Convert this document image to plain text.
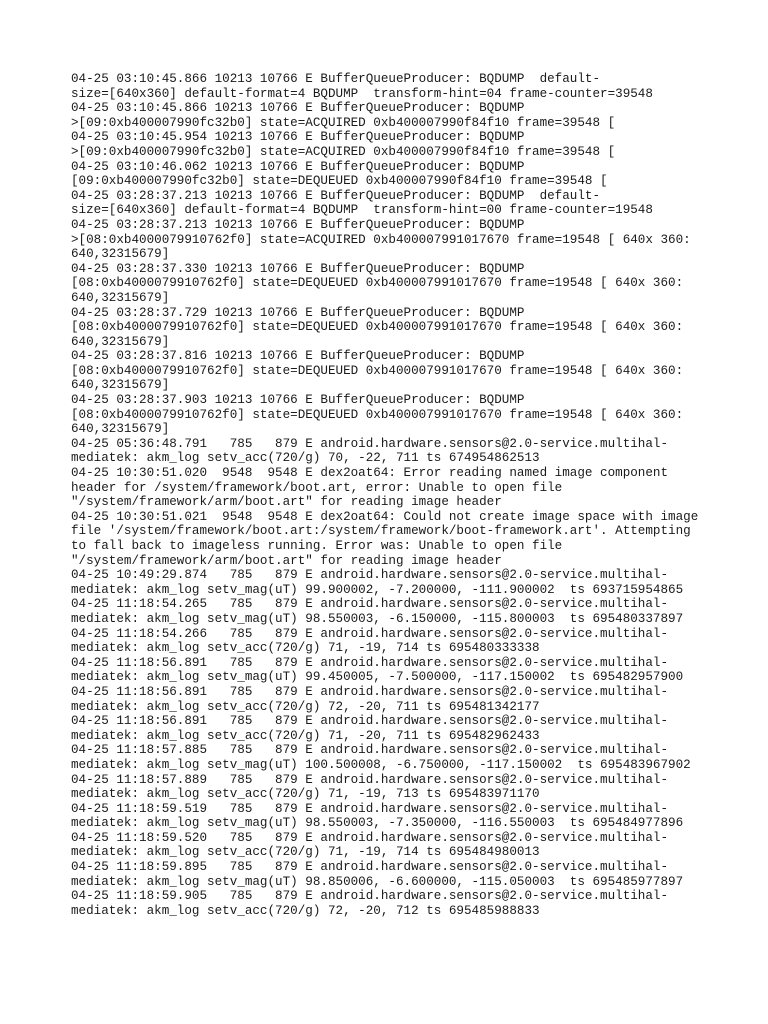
04-25 03:10:45.866 10213 10766 E BufferQueueProducer: BQDUMP  default-
size=[640x360] default-format=4 BQDUMP  transform-hint=04 frame-counter=39548
04-25 03:10:45.866 10213 10766 E BufferQueueProducer: BQDUMP
>[09:0xb400007990fc32b0] state=ACQUIRED 0xb400007990f84f10 frame=39548 [
04-25 03:10:45.954 10213 10766 E BufferQueueProducer: BQDUMP
>[09:0xb400007990fc32b0] state=ACQUIRED 0xb400007990f84f10 frame=39548 [
04-25 03:10:46.062 10213 10766 E BufferQueueProducer: BQDUMP
[09:0xb400007990fc32b0] state=DEQUEUED 0xb400007990f84f10 frame=39548 [
04-25 03:28:37.213 10213 10766 E BufferQueueProducer: BQDUMP  default-
size=[640x360] default-format=4 BQDUMP  transform-hint=00 frame-counter=19548
04-25 03:28:37.213 10213 10766 E BufferQueueProducer: BQDUMP
>[08:0xb4000079910762f0] state=ACQUIRED 0xb400007991017670 frame=19548 [ 640x 360:
640,32315679]
04-25 03:28:37.330 10213 10766 E BufferQueueProducer: BQDUMP
[08:0xb4000079910762f0] state=DEQUEUED 0xb400007991017670 frame=19548 [ 640x 360:
640,32315679]
04-25 03:28:37.729 10213 10766 E BufferQueueProducer: BQDUMP
[08:0xb4000079910762f0] state=DEQUEUED 0xb400007991017670 frame=19548 [ 640x 360:
640,32315679]
04-25 03:28:37.816 10213 10766 E BufferQueueProducer: BQDUMP
[08:0xb4000079910762f0] state=DEQUEUED 0xb400007991017670 frame=19548 [ 640x 360:
640,32315679]
04-25 03:28:37.903 10213 10766 E BufferQueueProducer: BQDUMP
[08:0xb4000079910762f0] state=DEQUEUED 0xb400007991017670 frame=19548 [ 640x 360:
640,32315679]
04-25 05:36:48.791   785   879 E android.hardware.sensors@2.0-service.multihal-
mediatek: akm_log setv_acc(720/g) 70, -22, 711 ts 674954862513
04-25 10:30:51.020  9548  9548 E dex2oat64: Error reading named image component
header for /system/framework/boot.art, error: Unable to open file
"/system/framework/arm/boot.art" for reading image header
04-25 10:30:51.021  9548  9548 E dex2oat64: Could not create image space with image
file '/system/framework/boot.art:/system/framework/boot-framework.art'. Attempting
to fall back to imageless running. Error was: Unable to open file
"/system/framework/arm/boot.art" for reading image header
04-25 10:49:29.874   785   879 E android.hardware.sensors@2.0-service.multihal-
mediatek: akm_log setv_mag(uT) 99.900002, -7.200000, -111.900002  ts 693715954865
04-25 11:18:54.265   785   879 E android.hardware.sensors@2.0-service.multihal-
mediatek: akm_log setv_mag(uT) 98.550003, -6.150000, -115.800003  ts 695480337897
04-25 11:18:54.266   785   879 E android.hardware.sensors@2.0-service.multihal-
mediatek: akm_log setv_acc(720/g) 71, -19, 714 ts 695480333338
04-25 11:18:56.891   785   879 E android.hardware.sensors@2.0-service.multihal-
mediatek: akm_log setv_mag(uT) 99.450005, -7.500000, -117.150002  ts 695482957900
04-25 11:18:56.891   785   879 E android.hardware.sensors@2.0-service.multihal-
mediatek: akm_log setv_acc(720/g) 72, -20, 711 ts 695481342177
04-25 11:18:56.891   785   879 E android.hardware.sensors@2.0-service.multihal-
mediatek: akm_log setv_acc(720/g) 71, -20, 711 ts 695482962433
04-25 11:18:57.885   785   879 E android.hardware.sensors@2.0-service.multihal-
mediatek: akm_log setv_mag(uT) 100.500008, -6.750000, -117.150002  ts 695483967902
04-25 11:18:57.889   785   879 E android.hardware.sensors@2.0-service.multihal-
mediatek: akm_log setv_acc(720/g) 71, -19, 713 ts 695483971170
04-25 11:18:59.519   785   879 E android.hardware.sensors@2.0-service.multihal-
mediatek: akm_log setv_mag(uT) 98.550003, -7.350000, -116.550003  ts 695484977896
04-25 11:18:59.520   785   879 E android.hardware.sensors@2.0-service.multihal-
mediatek: akm_log setv_acc(720/g) 71, -19, 714 ts 695484980013
04-25 11:18:59.895   785   879 E android.hardware.sensors@2.0-service.multihal-
mediatek: akm_log setv_mag(uT) 98.850006, -6.600000, -115.050003  ts 695485977897
04-25 11:18:59.905   785   879 E android.hardware.sensors@2.0-service.multihal-
mediatek: akm_log setv_acc(720/g) 72, -20, 712 ts 695485988833
